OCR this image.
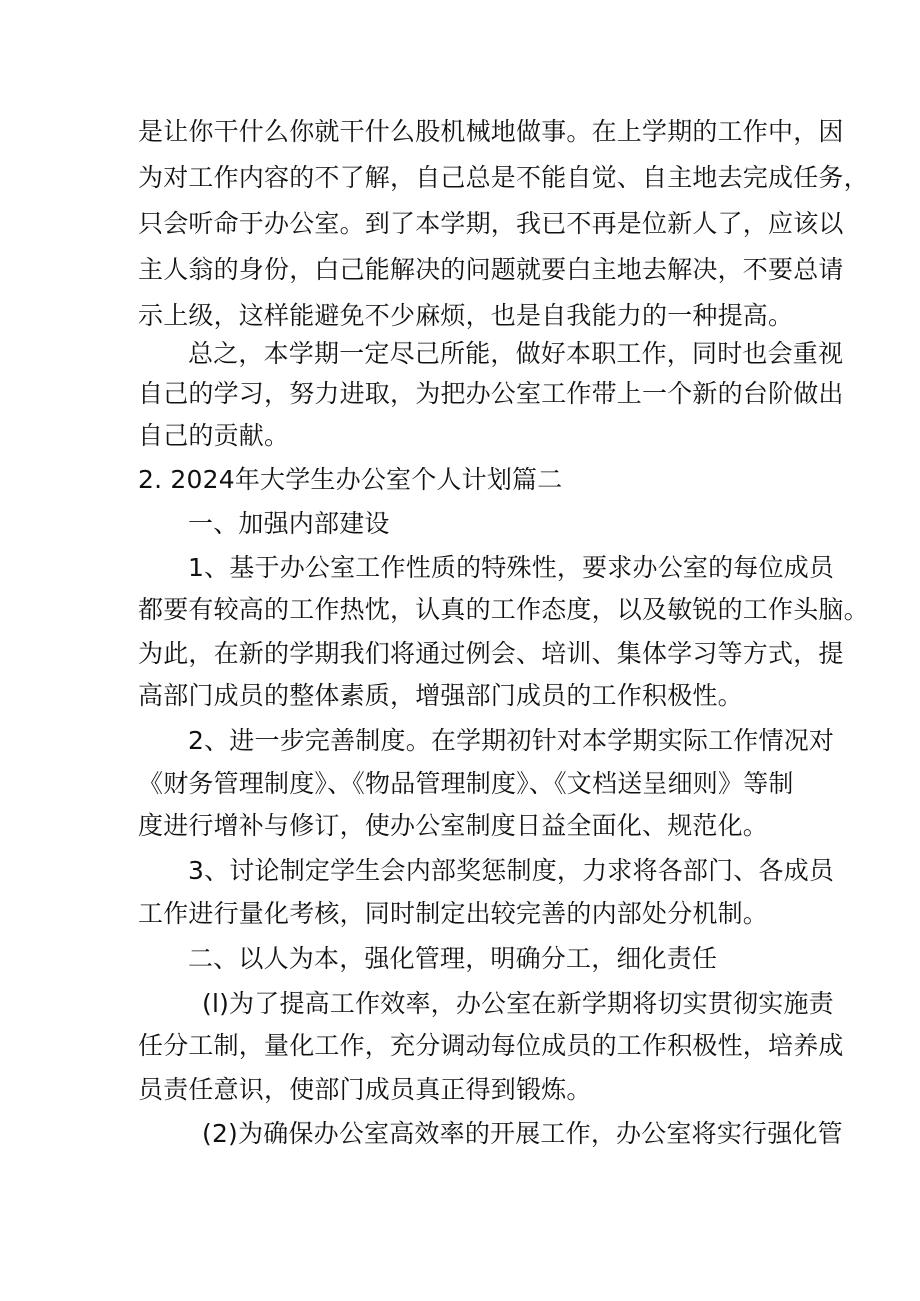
是让你干什么你就干什么股机械地做事。在上学期的工作中，因
为对工作内容的不了解，自己总是不能自觉、自主地去完成任务，
只会听命于办公室。到了本学期，我已不再是位新人了，应该以
主人翁的身份，白己能解决的问题就要白主地去解决，不要总请
示上级，这样能避免不少麻烦，也是自我能力的一种提高。
总之，本学期一定尽己所能，做好本职工作，同时也会重视
自己的学习，努力进取，为把办公室工作带上一个新的台阶做出
自己的贡献。
2. 2024年大学生办公室个人计划篇二
一、加强内部建设
1、基于办公室工作性质的特殊性，要求办公室的每位成员
都要有较高的工作热忱，认真的工作态度，以及敏锐的工作头脑。
为此，在新的学期我们将通过例会、培训、集体学习等方式，提
高部门成员的整体素质，增强部门成员的工作积极性。
2、进一步完善制度。在学期初针对本学期实际工作情况对
《财务管理制度》、《物品管理制度》、《文档送呈细则》等制
度进行增补与修订，使办公室制度日益全面化、规范化。
3、讨论制定学生会内部奖惩制度，力求将各部门、各成员
工作进行量化考核，同时制定出较完善的内部处分机制。
二、以人为本，强化管理，明确分工，细化责任
(l)为了提高工作效率，办公室在新学期将切实贯彻实施责
任分工制，量化工作，充分调动每位成员的工作积极性，培养成
员责任意识，使部门成员真正得到锻炼。
(2)为确保办公室高效率的开展工作，办公室将实行强化管
